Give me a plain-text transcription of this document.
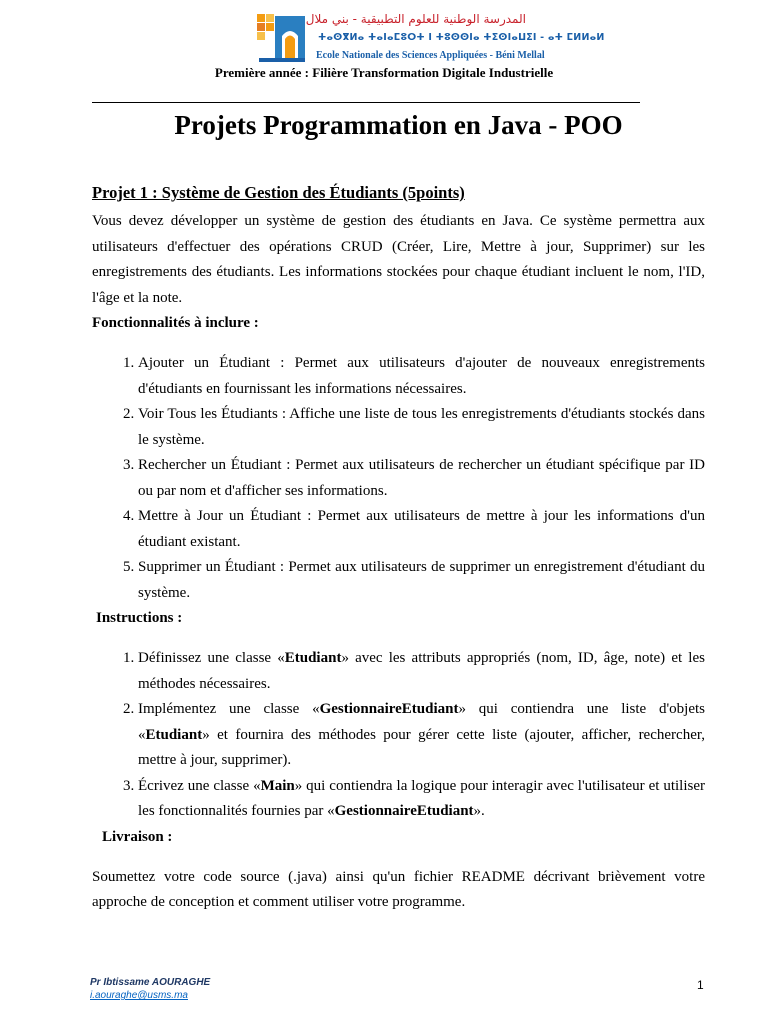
المدرسة الوطنية للعلوم التطبيقية - بني ملال
ⵜⴰⵙⴳⵍⴰ ⵜⴰⵏⴰⵎⵓⵔⵜ ⵏ ⵜⵓⵙⵙⵏⴰ ⵜⵉⵙⵏⴰⵡⵉⵏ - ⴰⵜ ⵎⵍⵍⴰⵍ
Ecole Nationale des Sciences Appliquées - Béni Mellal
Première année : Filière Transformation Digitale Industrielle
Projets Programmation en Java - POO
Projet 1 : Système de Gestion des Étudiants (5points)

Vous devez développer un système de gestion des étudiants en Java. Ce système permettra aux utilisateurs d'effectuer des opérations CRUD (Créer, Lire, Mettre à jour, Supprimer) sur les enregistrements des étudiants. Les informations stockées pour chaque étudiant incluent le nom, l'ID, l'âge et la note.

Fonctionnalités à inclure :
1. Ajouter un Étudiant : Permet aux utilisateurs d'ajouter de nouveaux enregistrements d'étudiants en fournissant les informations nécessaires.
2. Voir Tous les Étudiants : Affiche une liste de tous les enregistrements d'étudiants stockés dans le système.
3. Rechercher un Étudiant : Permet aux utilisateurs de rechercher un étudiant spécifique par ID ou par nom et d'afficher ses informations.
4. Mettre à Jour un Étudiant : Permet aux utilisateurs de mettre à jour les informations d'un étudiant existant.
5. Supprimer un Étudiant : Permet aux utilisateurs de supprimer un enregistrement d'étudiant du système.
Instructions :
1. Définissez une classe «Etudiant» avec les attributs appropriés (nom, ID, âge, note) et les méthodes nécessaires.
2. Implémentez une classe «GestionnaireEtudiant» qui contiendra une liste d'objets «Etudiant» et fournira des méthodes pour gérer cette liste (ajouter, afficher, rechercher, mettre à jour, supprimer).
3. Écrivez une classe «Main» qui contiendra la logique pour interagir avec l'utilisateur et utiliser les fonctionnalités fournies par «GestionnaireEtudiant».
Livraison :

Soumettez votre code source (.java) ainsi qu'un fichier README décrivant brièvement votre approche de conception et comment utiliser votre programme.

Pr Ibtissame AOURAGHE
i.aouraghe@usms.ma
1
